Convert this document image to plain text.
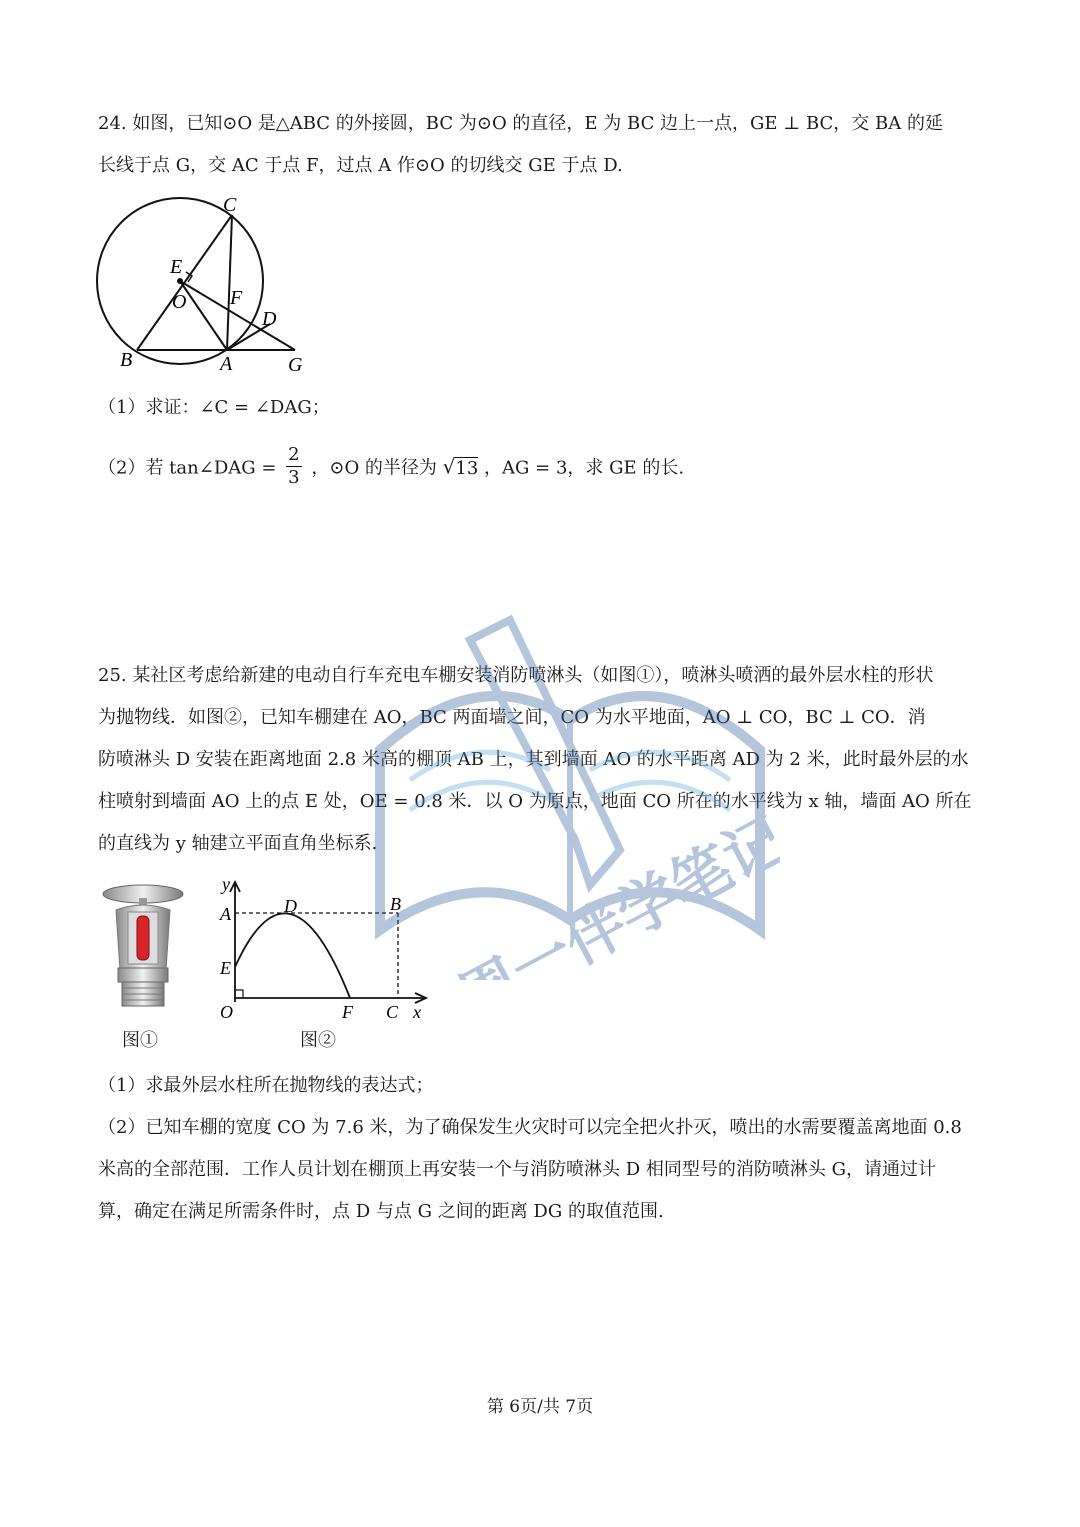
24. 如图，已知⊙O 是△ABC 的外接圆，BC 为⊙O 的直径，E 为 BC 边上一点，GE ⊥ BC，交 BA 的延
长线于点 G，交 AC 于点 F，过点 A 作⊙O 的切线交 GE 于点 D.
C
E
O F
D
B	A	G
（1）求证：∠C = ∠DAG；
（2）若 tan∠DAG = $\frac{2}{3}$ ，⊙O 的半径为 √13 ，AG = 3，求 GE 的长.
25. 某社区考虑给新建的电动自行车充电车棚安装消防喷淋头（如图①），喷淋头喷洒的最外层水柱的形状
为抛物线．如图②，已知车棚建在 AO，BC 两面墙之间，CO 为水平地面，AO ⊥ CO，BC ⊥ CO．消
防喷淋头 D 安装在距离地面 2.8 米高的棚顶 AB 上，其到墙面 AO 的水平距离 AD 为 2 米，此时最外层的水
柱喷射到墙面 AO 上的点 E 处，OE = 0.8 米．以 O 为原点，地面 CO 所在的水平线为 x 轴，墙面 AO 所在
的直线为 y 轴建立平面直角坐标系.
图①
y
A	D	B
E
O	F C x
图②
（1）求最外层水柱所在抛物线的表达式；
（2）已知车棚的宽度 CO 为 7.6 米，为了确保发生火灾时可以完全把火扑灭，喷出的水需要覆盖离地面 0.8
米高的全部范围．工作人员计划在棚顶上再安装一个与消防喷淋头 D 相同型号的消防喷淋头 G，请通过计
算，确定在满足所需条件时，点 D 与点 G 之间的距离 DG 的取值范围.
周一伴学笔记
第 6页/共 7页
